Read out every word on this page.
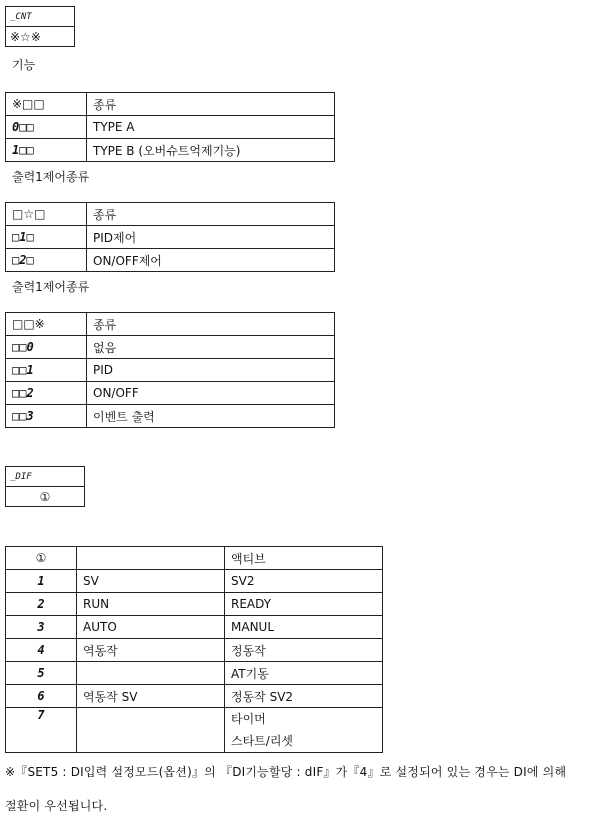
_CNT
※☆※
기능
※□□	종류
0□□	TYPE A
1□□	TYPE B (오버슈트억제기능)
출력1제어종류
□☆□	종류
□1□	PID제어
□2□	ON/OFF제어
출력1제어종류
□□※	종류
□□0	없음
□□1	PID
□□2	ON/OFF
□□3	이벤트 출력
_DIF
①
①		액티브
1	SV	SV2
2	RUN	READY
3	AUTO	MANUL
4	역동작	정동작
5		AT기동
6	역동작 SV	정동작 SV2
7		타이머
스타트/리셋
※『SET5 : DI입력 설정모드(옵션)』의 『DI기능할당 : dIF』가『4』로 설정되어 있는 경우는 DI에 의해
절환이 우선됩니다.
